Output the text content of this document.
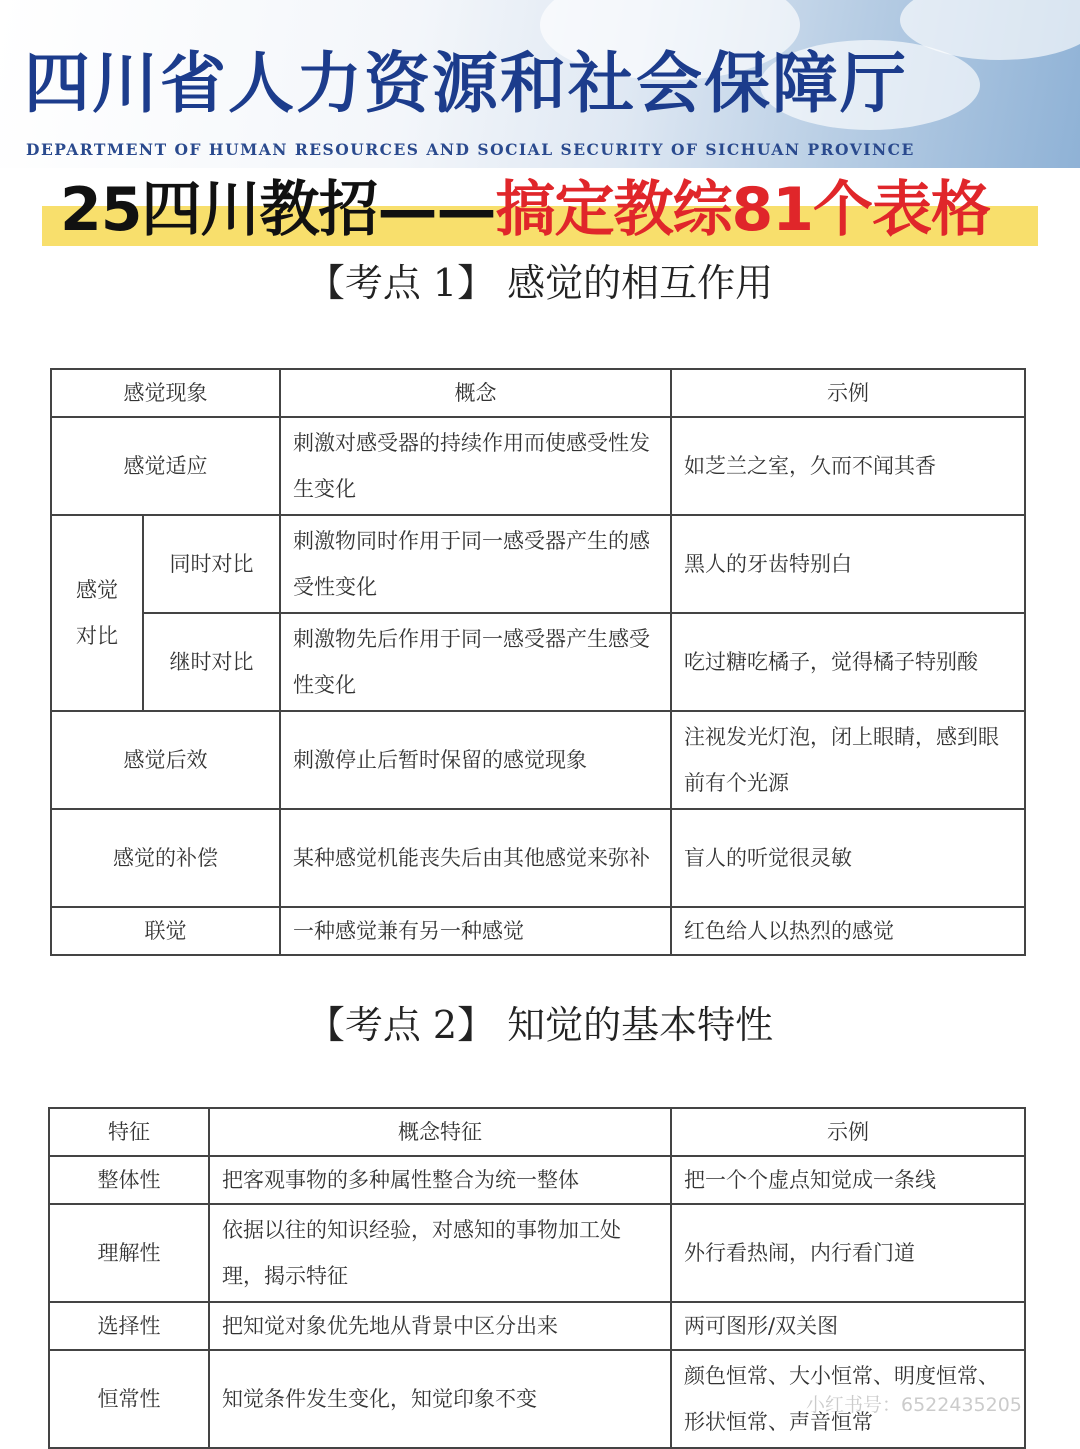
四川省人力资源和社会保障厅
DEPARTMENT OF HUMAN RESOURCES AND SOCIAL SECURITY OF SICHUAN PROVINCE
25四川教招——搞定教综81个表格
【考点 1】 感觉的相互作用
感觉现象		概念	示例
感觉适应		刺激对感受器的持续作用而使感受性发生变化	如芝兰之室，久而不闻其香
感觉对比	同时对比	刺激物同时作用于同一感受器产生的感受性变化	黑人的牙齿特别白
	继时对比	刺激物先后作用于同一感受器产生感受性变化	吃过糖吃橘子，觉得橘子特别酸
感觉后效		刺激停止后暂时保留的感觉现象	注视发光灯泡，闭上眼睛，感到眼前有个光源
感觉的补偿		某种感觉机能丧失后由其他感觉来弥补	盲人的听觉很灵敏
联觉		一种感觉兼有另一种感觉	红色给人以热烈的感觉
【考点 2】 知觉的基本特性
特征	概念特征	示例
整体性	把客观事物的多种属性整合为统一整体	把一个个虚点知觉成一条线
理解性	依据以往的知识经验，对感知的事物加工处理，揭示特征	外行看热闹，内行看门道
选择性	把知觉对象优先地从背景中区分出来	两可图形/双关图
恒常性	知觉条件发生变化，知觉印象不变	颜色恒常、大小恒常、明度恒常、形状恒常、声音恒常
小红书号：6522435205
